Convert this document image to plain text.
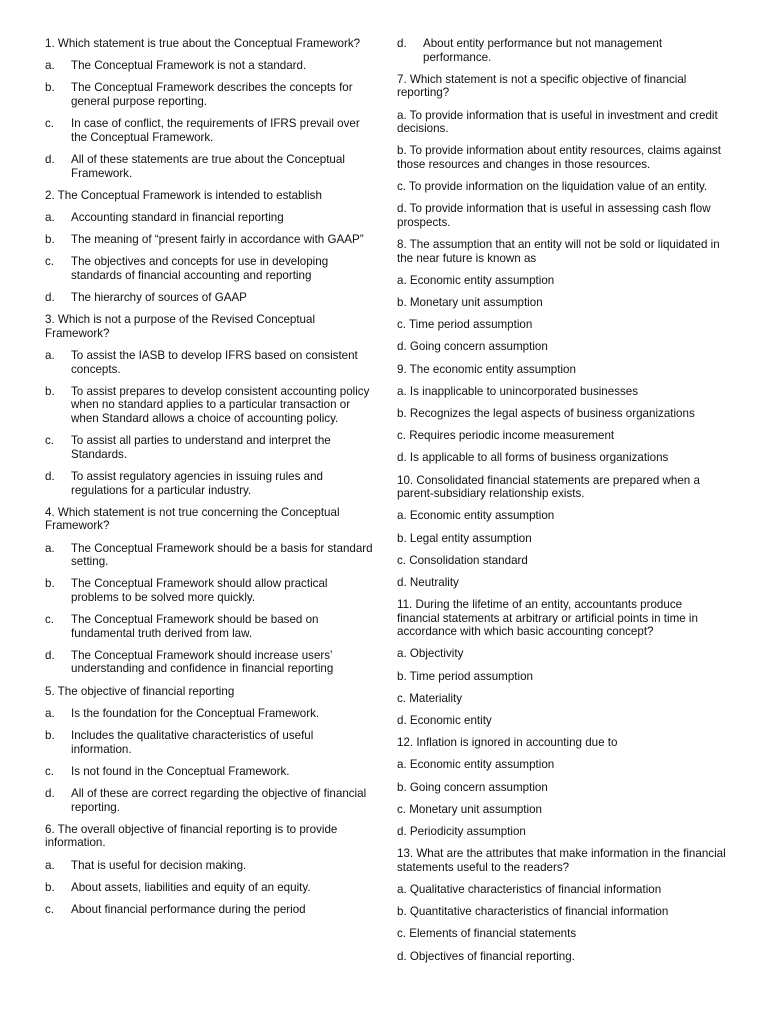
1. Which statement is true about the Conceptual Framework?
a.	The Conceptual Framework is not a standard.
b.	The Conceptual Framework describes the concepts for general purpose reporting.
c.	In case of conflict, the requirements of IFRS prevail over the Conceptual Framework.
d.	All of these statements are true about the Conceptual Framework.
2. The Conceptual Framework is intended to establish
a.	Accounting standard in financial reporting
b.	The meaning of “present fairly in accordance with GAAP”
c.	The objectives and concepts for use in developing standards of financial accounting and reporting
d.	The hierarchy of sources of GAAP
3. Which is not a purpose of the Revised Conceptual Framework?
a.	To assist the IASB to develop IFRS based on consistent concepts.
b.	To assist prepares to develop consistent accounting policy when no standard applies to a particular transaction or when Standard allows a choice of accounting policy.
c.	To assist all parties to understand and interpret the Standards.
d.	To assist regulatory agencies in issuing rules and regulations for a particular industry.
4. Which statement is not true concerning the Conceptual Framework?
a.	The Conceptual Framework should be a basis for standard setting.
b.	The Conceptual Framework should allow practical problems to be solved more quickly.
c.	The Conceptual Framework should be based on fundamental truth derived from law.
d.	The Conceptual Framework should increase users’ understanding and confidence in financial reporting
5. The objective of financial reporting
a.	Is the foundation for the Conceptual Framework.
b.	Includes the qualitative characteristics of useful information.
c.	Is not found in the Conceptual Framework.
d.	All of these are correct regarding the objective of financial reporting.
6. The overall objective of financial reporting is to provide information.
a.	That is useful for decision making.
b.	About assets, liabilities and equity of an equity.
c.	About financial performance during the period
d.	About entity performance but not management performance.
7. Which statement is not a specific objective of financial reporting?
a. To provide information that is useful in investment and credit decisions.
b. To provide information about entity resources, claims against those resources and changes in those resources.
c. To provide information on the liquidation value of an entity.
d. To provide information that is useful in assessing cash flow prospects.
8. The assumption that an entity will not be sold or liquidated in the near future is known as
a. Economic entity assumption
b. Monetary unit assumption
c. Time period assumption
d. Going concern assumption
9. The economic entity assumption
a. Is inapplicable to unincorporated businesses
b. Recognizes the legal aspects of business organizations
c. Requires periodic income measurement
d. Is applicable to all forms of business organizations
10. Consolidated financial statements are prepared when a parent-subsidiary relationship exists.
a. Economic entity assumption
b. Legal entity assumption
c. Consolidation standard
d. Neutrality
11. During the lifetime of an entity, accountants produce financial statements at arbitrary or artificial points in time in accordance with which basic accounting concept?
a. Objectivity
b. Time period assumption
c. Materiality
d. Economic entity
12. Inflation is ignored in accounting due to
a. Economic entity assumption
b. Going concern assumption
c. Monetary unit assumption
d. Periodicity assumption
13. What are the attributes that make information in the financial statements useful to the readers?
a. Qualitative characteristics of financial information
b. Quantitative characteristics of financial information
c. Elements of financial statements
d. Objectives of financial reporting.
